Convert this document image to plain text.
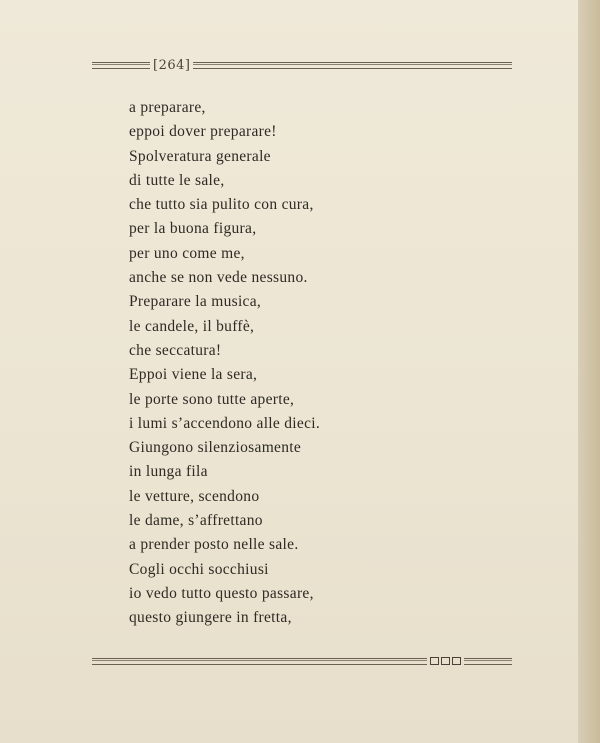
[264]
a preparare,
eppoi dover preparare!
Spolveratura generale
di tutte le sale,
che tutto sia pulito con cura,
per la buona figura,
per uno come me,
anche se non vede nessuno.
Preparare la musica,
le candele, il buffè,
che seccatura!
Eppoi viene la sera,
le porte sono tutte aperte,
i lumi s’accendono alle dieci.
Giungono silenziosamente
in lunga fila
le vetture, scendono
le dame, s’affrettano
a prender posto nelle sale.
Cogli occhi socchiusi
io vedo tutto questo passare,
questo giungere in fretta,
